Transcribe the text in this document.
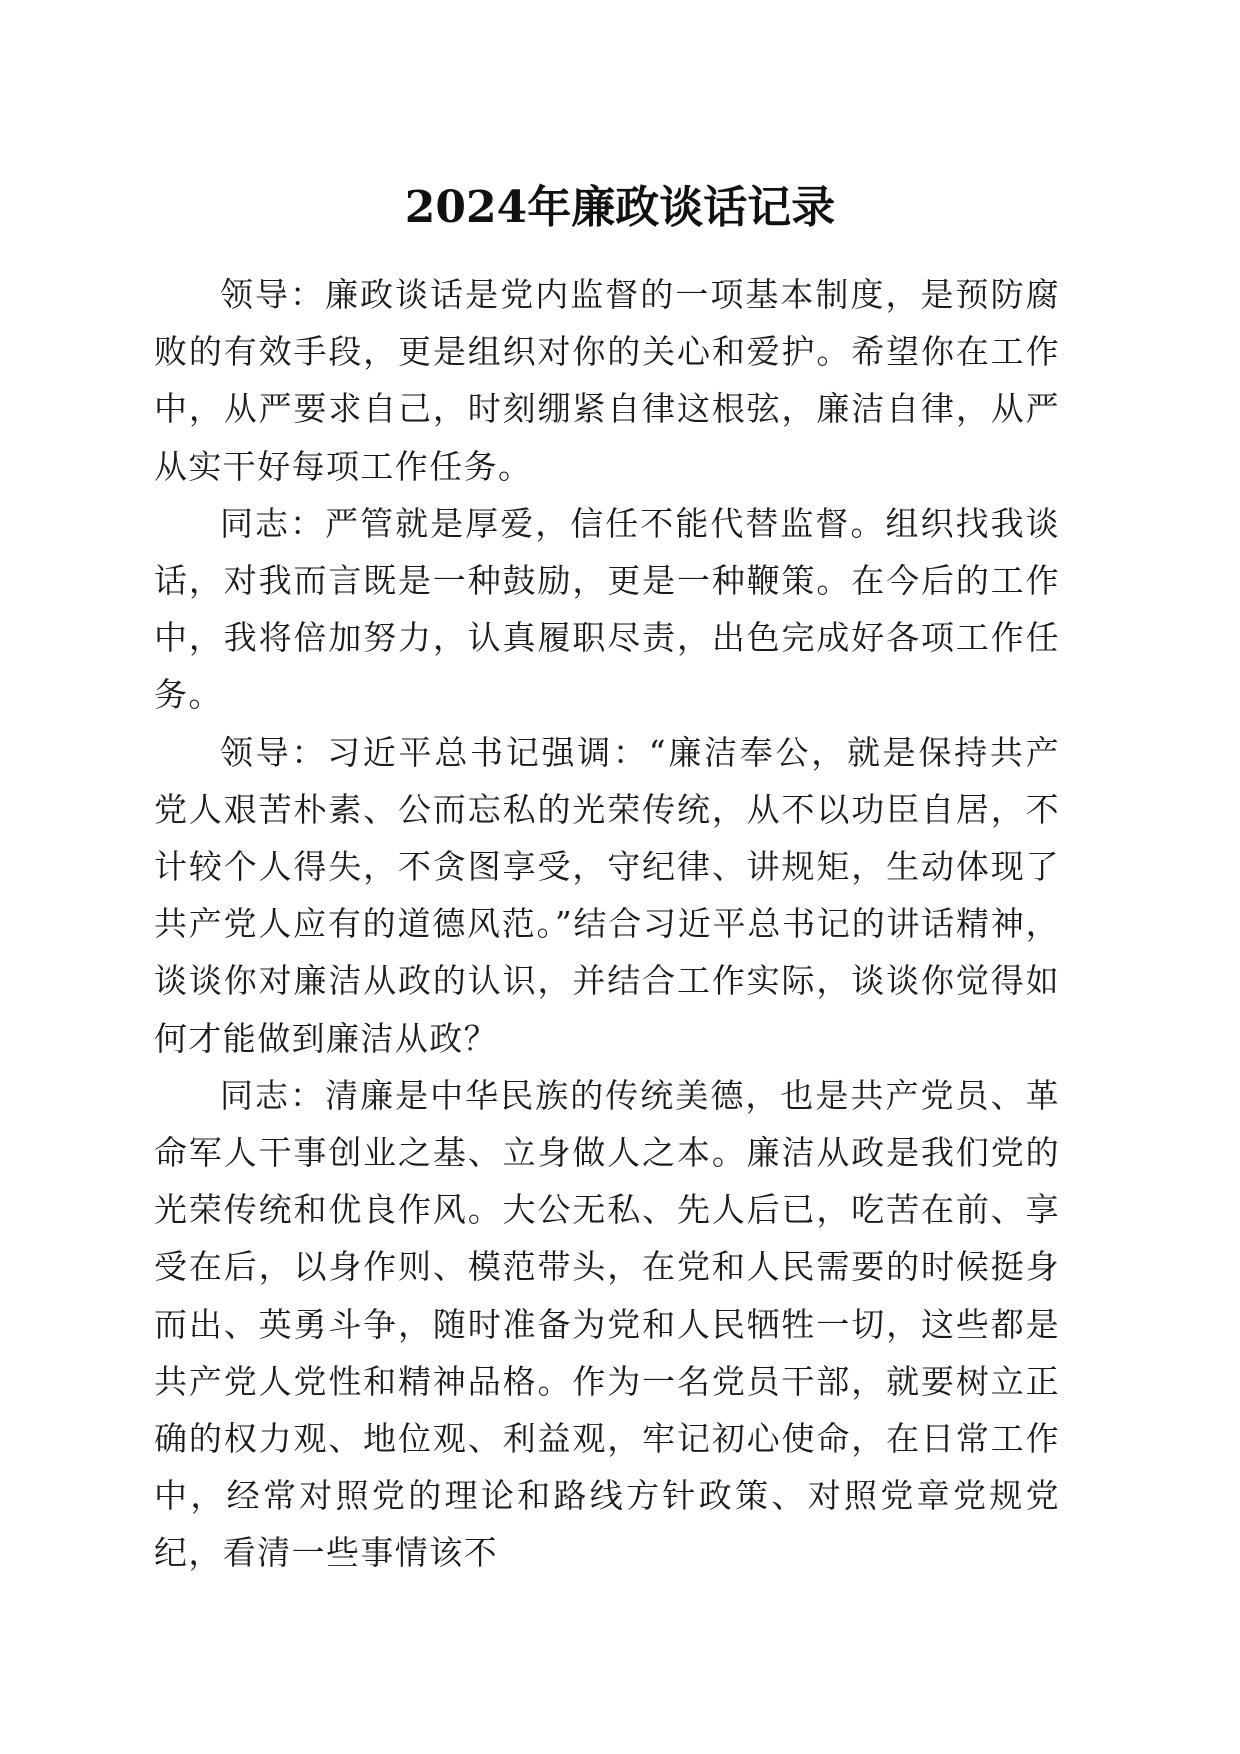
2024年廉政谈话记录

领导：廉政谈话是党内监督的一项基本制度，是预防腐败的有效手段，更是组织对你的关心和爱护。希望你在工作中，从严要求自己，时刻绷紧自律这根弦，廉洁自律，从严从实干好每项工作任务。

同志：严管就是厚爱，信任不能代替监督。组织找我谈话，对我而言既是一种鼓励，更是一种鞭策。在今后的工作中，我将倍加努力，认真履职尽责，出色完成好各项工作任务。

领导：习近平总书记强调：“廉洁奉公，就是保持共产党人艰苦朴素、公而忘私的光荣传统，从不以功臣自居，不计较个人得失，不贪图享受，守纪律、讲规矩，生动体现了共产党人应有的道德风范。”结合习近平总书记的讲话精神，谈谈你对廉洁从政的认识，并结合工作实际，谈谈你觉得如何才能做到廉洁从政？

同志：清廉是中华民族的传统美德，也是共产党员、革命军人干事创业之基、立身做人之本。廉洁从政是我们党的光荣传统和优良作风。大公无私、先人后已，吃苦在前、享受在后，以身作则、模范带头，在党和人民需要的时候挺身而出、英勇斗争，随时准备为党和人民牺牲一切，这些都是共产党人党性和精神品格。作为一名党员干部，就要树立正确的权力观、地位观、利益观，牢记初心使命，在日常工作中，经常对照党的理论和路线方针政策、对照党章党规党纪，看清一些事情该不
